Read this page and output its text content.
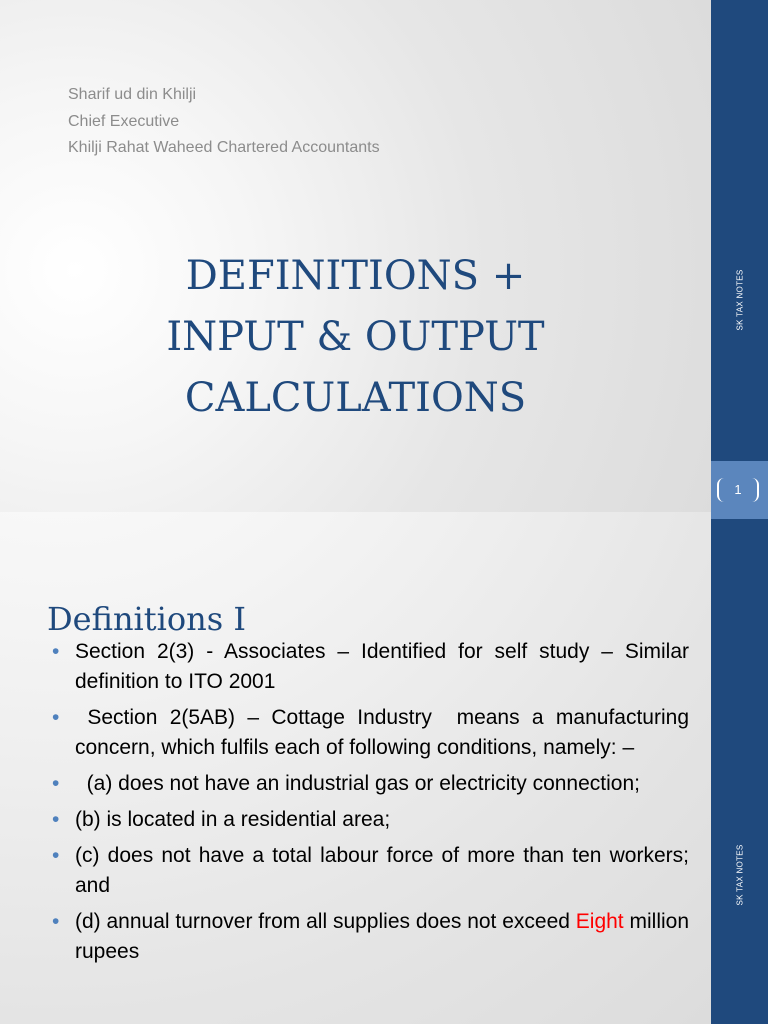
Sharif ud din Khilji
Chief Executive
Khilji Rahat Waheed Chartered Accountants
DEFINITIONS +
INPUT & OUTPUT
CALCULATIONS
SK TAX NOTES
1
Definitions I
• Section 2(3) - Associates – Identified for self study – Similar definition to ITO 2001
• Section 2(5AB) – Cottage Industry  means a manufacturing concern, which fulfils each of following conditions, namely: –
• (a) does not have an industrial gas or electricity connection;
• (b) is located in a residential area;
• (c) does not have a total labour force of more than ten workers; and
• (d) annual turnover from all supplies does not exceed Eight million rupees
SK TAX NOTES
